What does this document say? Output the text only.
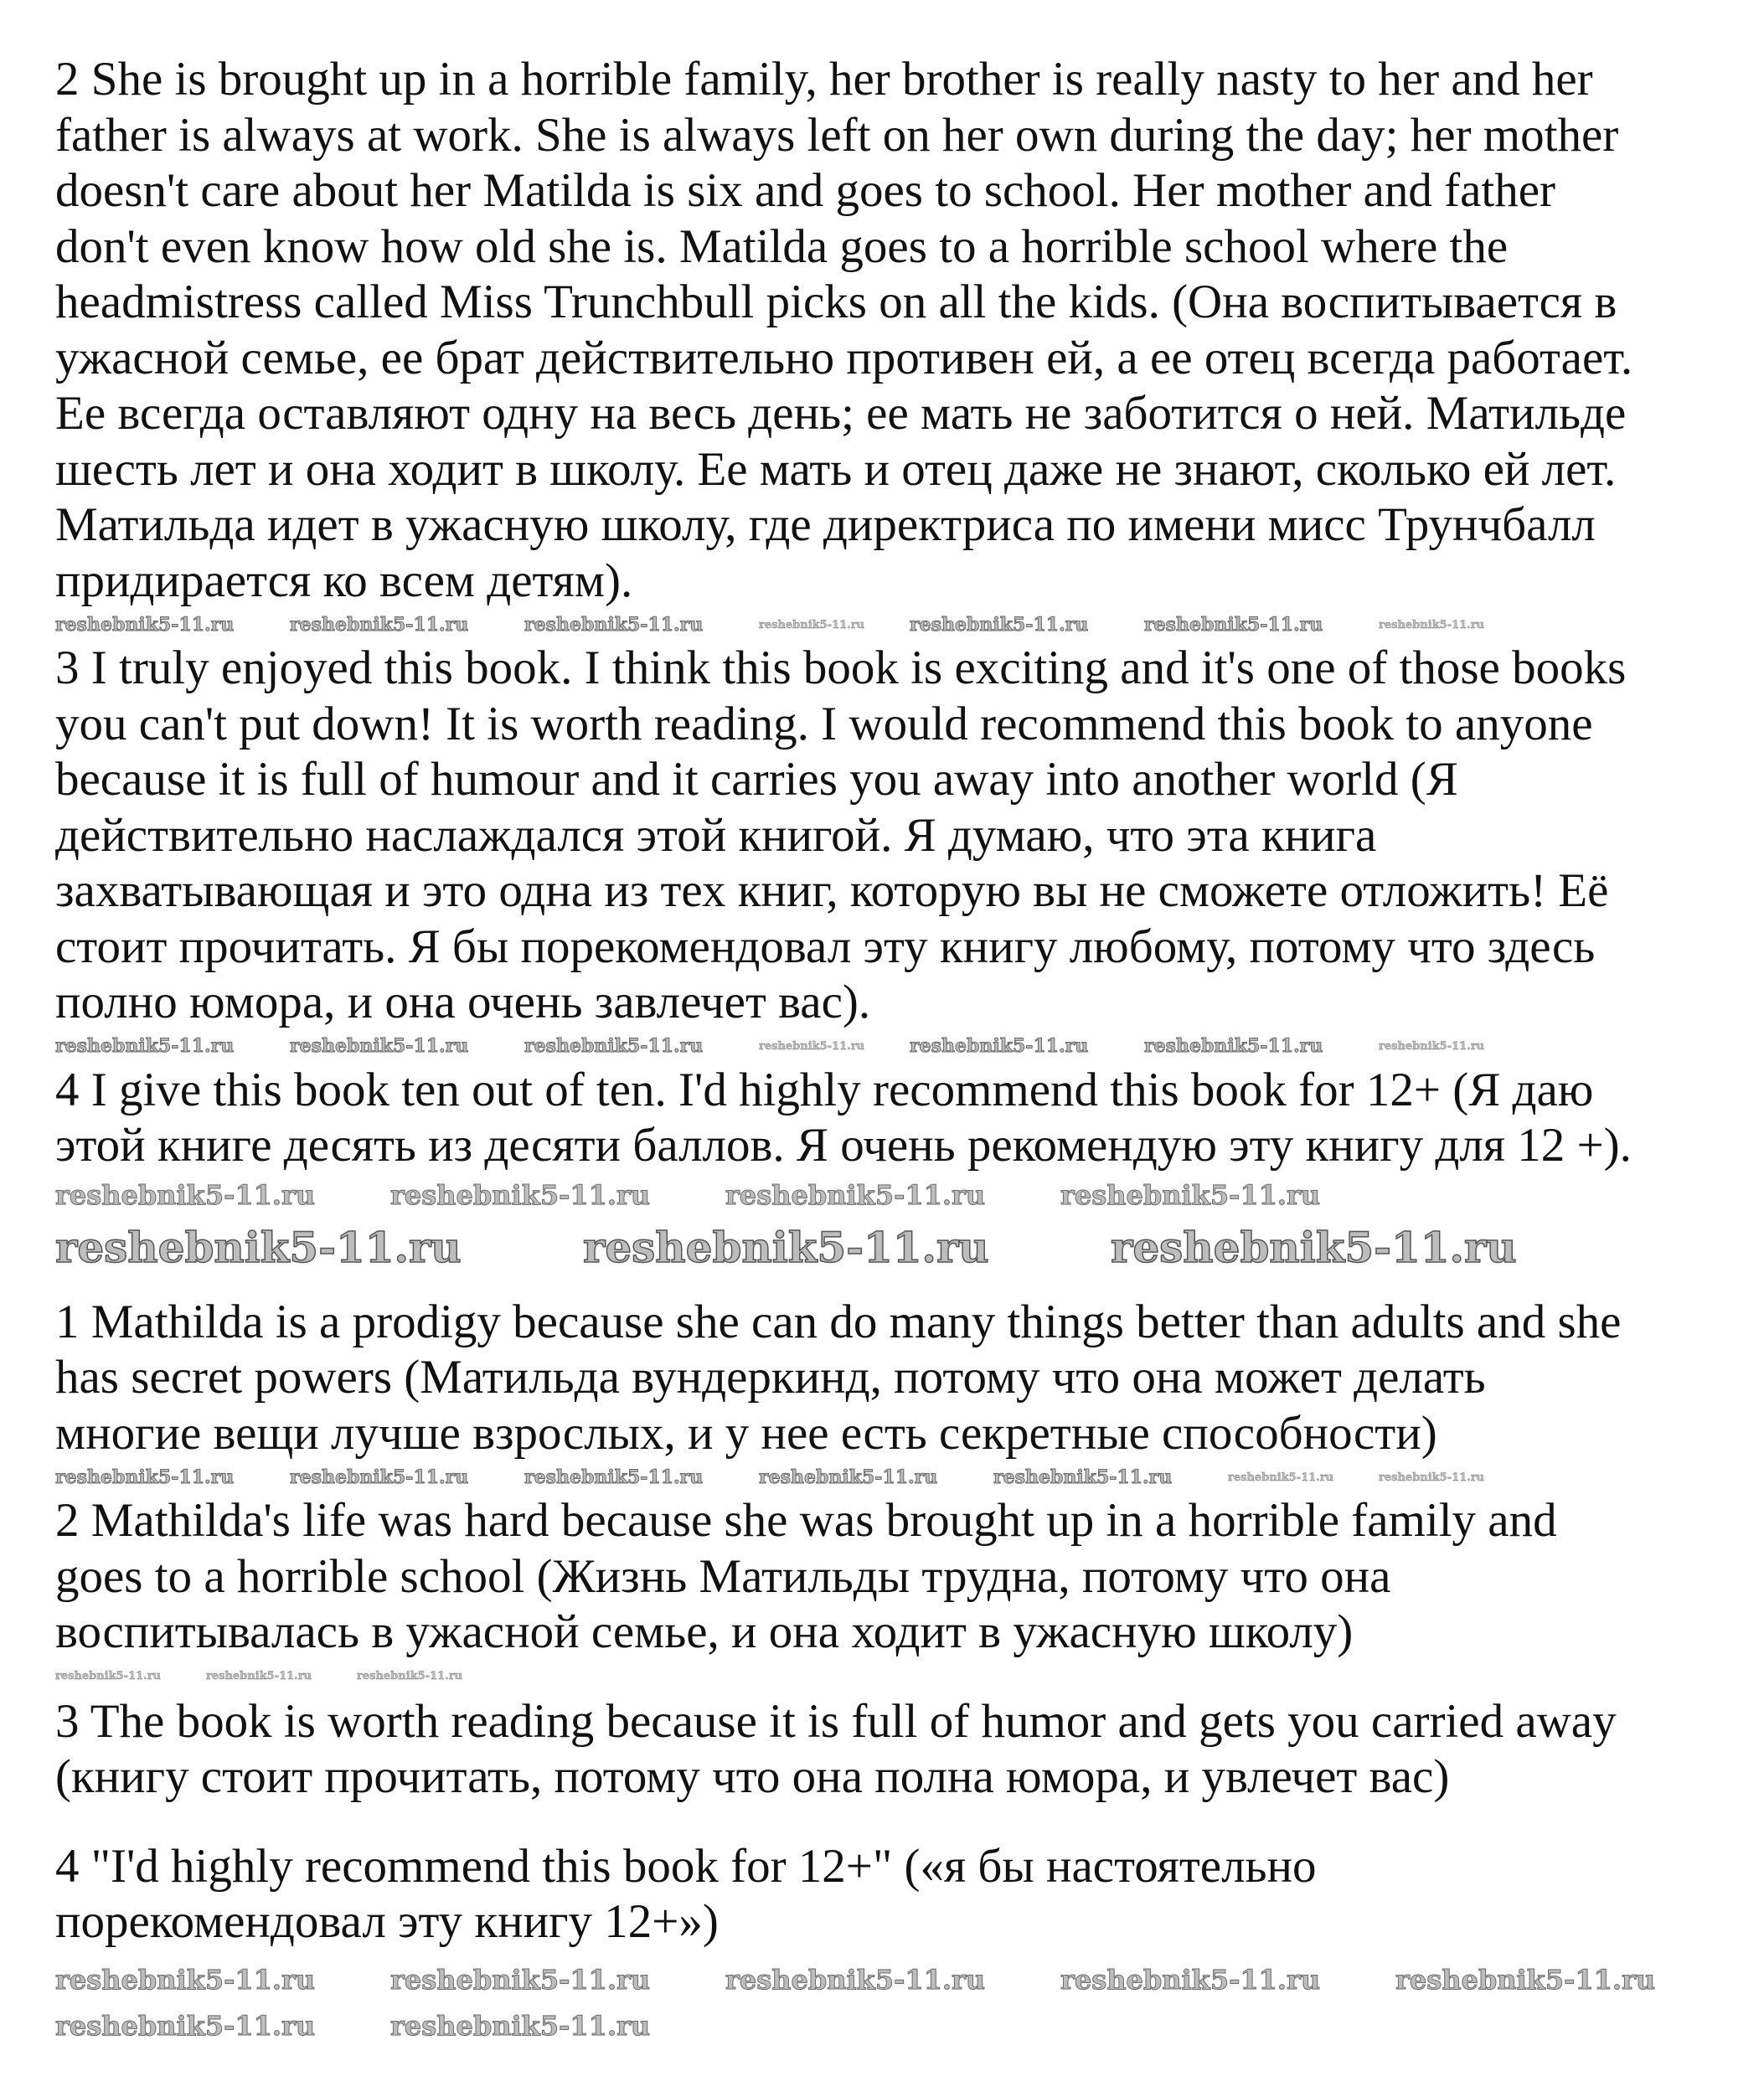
2 She is brought up in a horrible family, her brother is really nasty to her and her
father is always at work. She is always left on her own during the day; her mother
doesn't care about her Matilda is six and goes to school. Her mother and father
don't even know how old she is. Matilda goes to a horrible school where the
headmistress called Miss Trunchbull picks on all the kids. (Она воспитывается в
ужасной семье, ее брат действительно противен ей, а ее отец всегда работает.
Ее всегда оставляют одну на весь день; ее мать не заботится о ней. Матильде
шесть лет и она ходит в школу. Ее мать и отец даже не знают, сколько ей лет.
Матильда идет в ужасную школу, где директриса по имени мисс Трунчбалл
придирается ко всем детям).
3 I truly enjoyed this book. I think this book is exciting and it's one of those books
you can't put down! It is worth reading. I would recommend this book to anyone
because it is full of humour and it carries you away into another world (Я
действительно наслаждался этой книгой. Я думаю, что эта книга
захватывающая и это одна из тех книг, которую вы не сможете отложить! Её
стоит прочитать. Я бы порекомендовал эту книгу любому, потому что здесь
полно юмора, и она очень завлечет вас).
4 I give this book ten out of ten. I'd highly recommend this book for 12+ (Я даю
этой книге десять из десяти баллов. Я очень рекомендую эту книгу для 12 +).
1 Mathilda is a prodigy because she can do many things better than adults and she
has secret powers (Матильда вундеркинд, потому что она может делать
многие вещи лучше взрослых, и у нее есть секретные способности)
2 Mathilda's life was hard because she was brought up in a horrible family and
goes to a horrible school (Жизнь Матильды трудна, потому что она
воспитывалась в ужасной семье, и она ходит в ужасную школу)
3 The book is worth reading because it is full of humor and gets you carried away
(книгу стоит прочитать, потому что она полна юмора, и увлечет вас)
4 "I'd highly recommend this book for 12+" («я бы настоятельно
порекомендовал эту книгу 12+»)
reshebnik5-11.ru	reshebnik5-11.ru	reshebnik5-11.ru	reshebnik5-11.ru reshebnik5-11.ru	reshebnik5-11.ru	reshebnik5-11.ru
reshebnik5-11.ru	reshebnik5-11.ru	reshebnik5-11.ru	reshebnik5-11.ru reshebnik5-11.ru	reshebnik5-11.ru	reshebnik5-11.ru
reshebnik5-11.ru	reshebnik5-11.ru	reshebnik5-11.ru	reshebnik5-11.ru
reshebnik5-11.ru	reshebnik5-11.ru	reshebnik5-11.ru
reshebnik5-11.ru	reshebnik5-11.ru	reshebnik5-11.ru	reshebnik5-11.ru	reshebnik5-11.ru	reshebnik5-11.ru	reshebnik5-11.ru
reshebnik5-11.ru	reshebnik5-11.ru	reshebnik5-11.ru
reshebnik5-11.ru	reshebnik5-11.ru	reshebnik5-11.ru	reshebnik5-11.ru	reshebnik5-11.ru
reshebnik5-11.ru	reshebnik5-11.ru
